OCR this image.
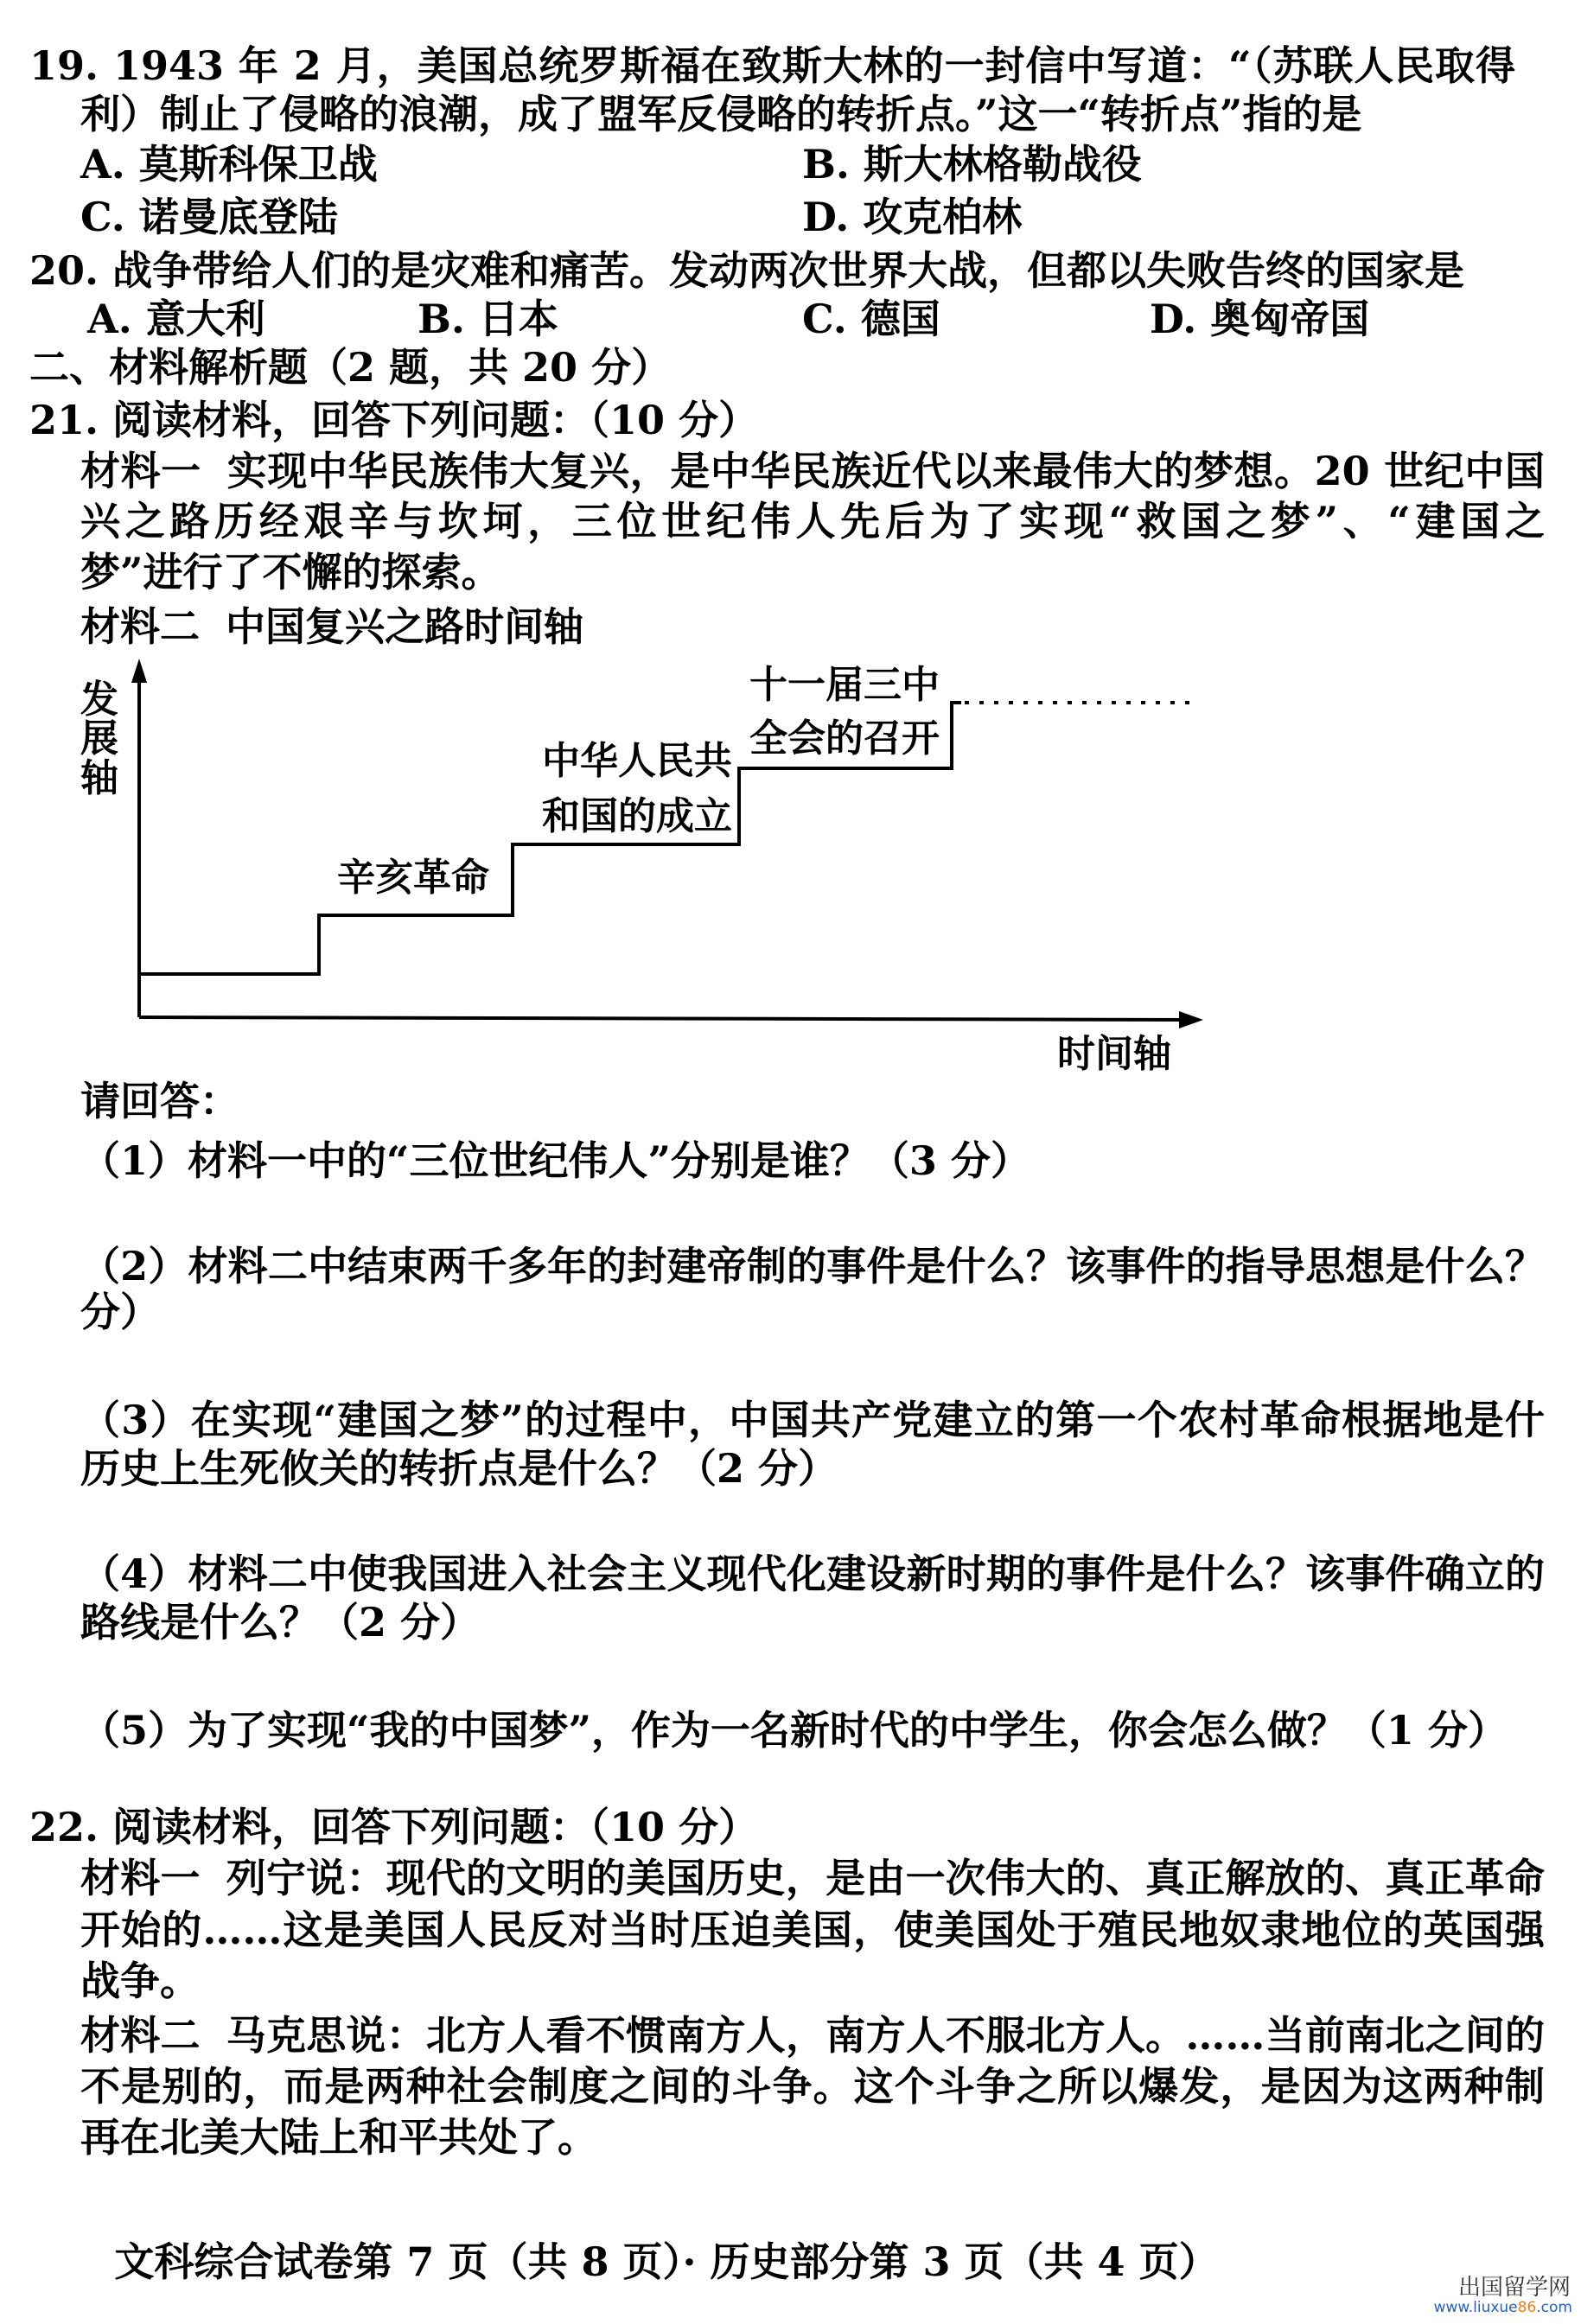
19. 1943 年 2 月，美国总统罗斯福在致斯大林的一封信中写道：“（苏联人民取得
利）制止了侵略的浪潮，成了盟军反侵略的转折点。”这一“转折点”指的是
A. 莫斯科保卫战	B. 斯大林格勒战役
C. 诺曼底登陆	D. 攻克柏林
20. 战争带给人们的是灾难和痛苦。发动两次世界大战，但都以失败告终的国家是
A. 意大利	B. 日本	C. 德国	D. 奥匈帝国
二、材料解析题（2 题，共 20 分）
21. 阅读材料，回答下列问题：（10 分）
材料一 实现中华民族伟大复兴，是中华民族近代以来最伟大的梦想。20 世纪中国
兴之路历经艰辛与坎坷，三位世纪伟人先后为了实现“救国之梦”、“建国之
梦”进行了不懈的探索。
材料二 中国复兴之路时间轴
发
展
轴
辛亥革命
中华人民共
和国的成立
十一届三中
全会的召开
时间轴
请回答：
（1）材料一中的“三位世纪伟人”分别是谁？（3 分）
（2）材料二中结束两千多年的封建帝制的事件是什么？该事件的指导思想是什么？
分）
（3）在实现“建国之梦”的过程中，中国共产党建立的第一个农村革命根据地是什
历史上生死攸关的转折点是什么？（2 分）
（4）材料二中使我国进入社会主义现代化建设新时期的事件是什么？该事件确立的
路线是什么？（2 分）
（5）为了实现“我的中国梦”，作为一名新时代的中学生，你会怎么做？（1 分）
22. 阅读材料，回答下列问题：（10 分）
材料一 列宁说：现代的文明的美国历史，是由一次伟大的、真正解放的、真正革命
开始的……这是美国人民反对当时压迫美国，使美国处于殖民地奴隶地位的英国强
战争。
材料二 马克思说：北方人看不惯南方人，南方人不服北方人。……当前南北之间的
不是别的，而是两种社会制度之间的斗争。这个斗争之所以爆发，是因为这两种制
再在北美大陆上和平共处了。
文科综合试卷第 7 页（共 8 页）· 历史部分第 3 页（共 4 页）
出国留学网
www.liuxue86.com
